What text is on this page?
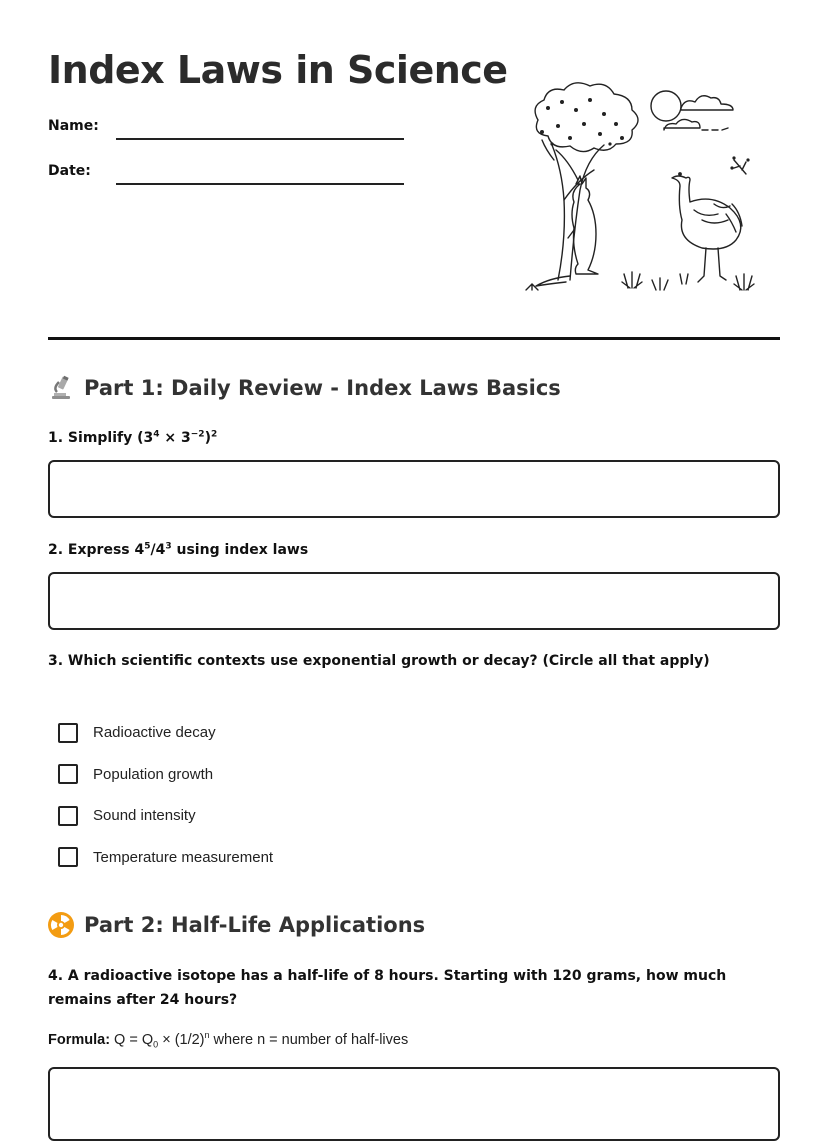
Index Laws in Science
Name:
Date:
Part 1: Daily Review - Index Laws Basics
1. Simplify $(3^4 \times 3^{-2})^2$
2. Express $4^5/4^3$ using index laws
3. Which scientific contexts use exponential growth or decay? (Circle all that apply)
Radioactive decay
Population growth
Sound intensity
Temperature measurement
Part 2: Half-Life Applications
4. A radioactive isotope has a half-life of 8 hours. Starting with 120 grams, how much remains after 24 hours?
Formula: $Q = Q_0 \times (1/2)^n$ where n = number of half-lives
